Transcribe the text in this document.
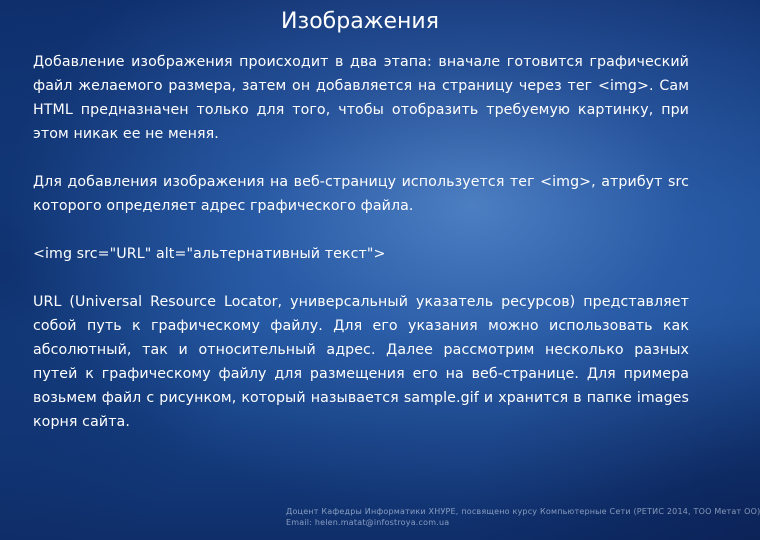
Изображения

Добавление изображения происходит в два этапа: вначале готовится графический файл желаемого размера, затем он добавляется на страницу через тег <img>. Сам HTML предназначен только для того, чтобы отобразить требуемую картинку, при этом никак ее не меняя.

Для добавления изображения на веб-страницу используется тег <img>, атрибут src которого определяет адрес графического файла.

<img src="URL" alt="альтернативный текст">

URL (Universal Resource Locator, универсальный указатель ресурсов) представляет собой путь к графическому файлу. Для его указания можно использовать как абсолютный, так и относительный адрес. Далее рассмотрим несколько разных путей к графическому файлу для размещения его на веб-странице. Для примера возьмем файл с рисунком, который называется sample.gif и хранится в папке images корня сайта.

Доцент Кафедры Информатики ХНУРЕ, посвящено курсу Компьютерные Сети (РЕТИС 2014, ТОО Метат ОО)
Email: helen.matat@infostroya.com.ua
